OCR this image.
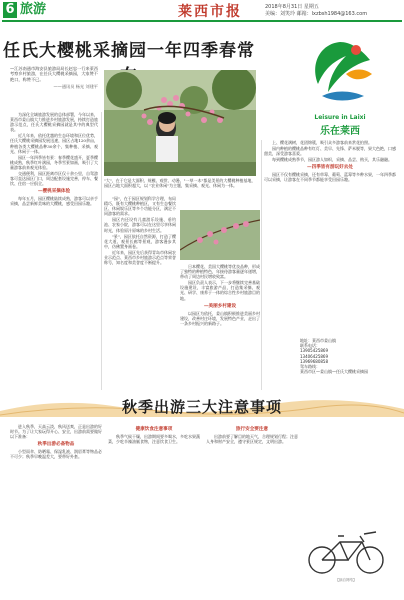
6 旅游	莱西市报	2018年8月31日 星期五
美编：刘笑玲 邮箱：lxzbsh1984@163.com
任氏大樱桃采摘园一年四季春常
Leisure in Laixi
乐在莱西
—江苏南通市海安县旅游局局长赵忠一行来莱西考察乡村旅游，在任氏大樱桃采摘园，大家赞不绝口，称赞不已。
——通讯员 杨光 刘建平
"大"，在于它是大面积、规模、观赏、动漫、"一草一木"都是美景的大樱桃种植基地，园区占地大面积超大，以 "农业休闲"为主题，集采摘、观光、休闲为一体。

为深化全域旅游发展的总体部署，今年以来，莱西市姜山镇大力推进乡村旅游发展，持续打造旅游示范点，任氏大樱桃采摘园就是其中的典型代表。

近几年来，依托优越的生态环境和区位优势，任氏大樱桃采摘园发展迅速，园区占地120余亩，种植各类大樱桃品种30余个，集种植、采摘、观光、休闲于一体。

园区一年四季皆有景：春季樱花盛开，夏季樱桃成熟，秋季红叶满园，冬季雪景如画，吸引了大量游客前来观光体验。

交通便利，园区距离市区仅十余公里，自驾游客可直达园区门口，周边配套设施完善，停车、餐饮、住宿一应俱全。

—樱桃采摘体验

每年五月，园区樱桃陆续成熟，游客可以亲手采摘，品尝新鲜美味的大樱桃，感受田园乐趣。

"园"，在于园区规划科学合理，布局精巧，既有大樱桃种植区，又有生态餐饮区、休闲娱乐区等多个功能分区，满足不同游客的需求。

园区内还设有儿童游乐设施、垂钓池、农家小院，游客可以在这里尽享休闲时光，体验原汁原味的乡村生活。

"景"，园区依托自然资源，打造了樱花大道、观景长廊等景观，游客漫步其中，仿佛置身画卷。

近年来，园区先后获得青岛市休闲农业示范点、莱西市乡村旅游示范点等荣誉称号，知名度和美誉度不断提升。

日本樱花、美国大樱桃等优良品种，形成了独特的种植特色，年接待游客量逐年递增，带动了周边村民增收致富。

园区负责人表示，下一步将继续完善基础设施建设，丰富旅游产品，打造集采摘、观光、研学、康养于一体的综合性乡村旅游目的地。

—美丽乡村建设

以园区为依托，姜山镇积极推进美丽乡村建设，改善村庄环境，发展特色产业，走出了一条乡村振兴的新路子。

上、樱花满树，花团锦簇，吸引众多游客前来赏花拍照。

园内种植的樱桃品种有红灯、美早、先锋、萨米脱等，果大色艳，口感甜美，深受游客喜爱。

每到樱桃成熟季节，园区游人如织，采摘、品尝、购买，其乐融融。

—四季皆有游玩好去处

园区不仅有樱桃采摘，还有草莓、葡萄、蓝莓等多种水果，一年四季都可以采摘，让游客在不同季节都能享受田园乐趣。

地址：莱西市姜山镇
联系电话：
13905425869
13406425869
13969680858
驾车路线：
莱西市区—姜山镇—任氏大樱桃采摘园
秋季出游三大注意事项

进入秋季，天高云淡，秋风送爽，正是出游的好时节。为了让大家玩得开心、安全，出游前需要做好以下准备：

秋季出游必备物品

小型雨伞、防晒霜、保湿乳液、润唇膏等物品必不可少；秋季早晚温差大，要带好外套。

健康饮食注意事项

秋季气候干燥，出游期间要多喝水，多吃水果蔬菜，少吃辛辣油腻食物，注意饮食卫生。

旅行安全要注意

出游前要了解目的地天气，合理规划行程；注意人身和财产安全，遵守景区规定，文明出游。

【摘自网络】
